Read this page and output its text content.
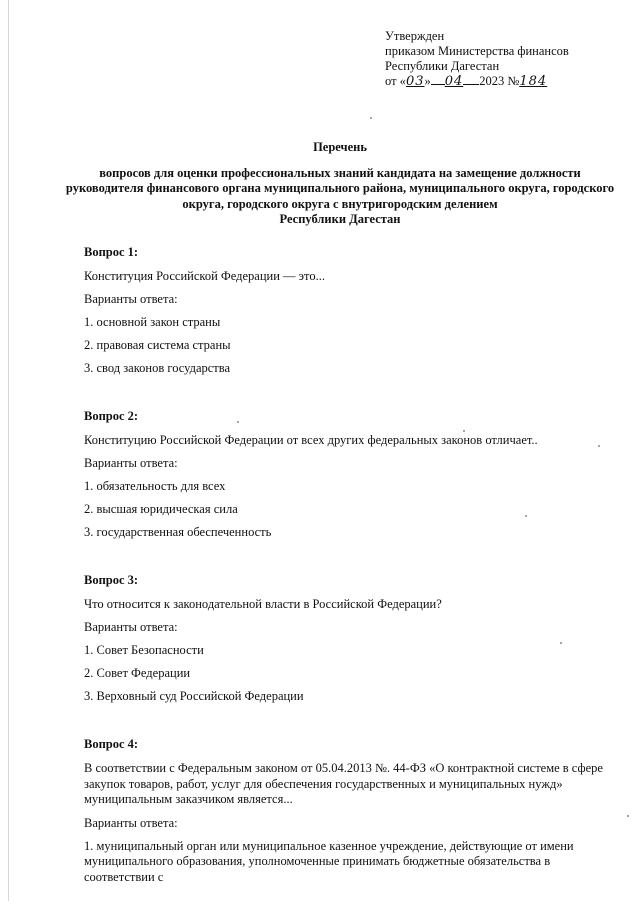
Утвержден
приказом Министерства финансов
Республики Дагестан
от «03» 04 2023 №184
Перечень
вопросов для оценки профессиональных знаний кандидата на замещение должности
руководителя финансового органа муниципального района, муниципального округа, городского
округа, городского округа с внутригородским делением
Республики Дагестан
Вопрос 1:
Конституция Российской Федерации — это...
Варианты ответа:
1. основной закон страны
2. правовая система страны
3. свод законов государства
Вопрос 2:
Конституцию Российской Федерации от всех других федеральных законов отличает..
Варианты ответа:
1. обязательность для всех
2. высшая юридическая сила
3. государственная обеспеченность
Вопрос 3:
Что относится к законодательной власти в Российской Федерации?
Варианты ответа:
1. Совет Безопасности
2. Совет Федерации
3. Верховный суд Российской Федерации
Вопрос 4:
В соответствии с Федеральным законом от 05.04.2013 №. 44-ФЗ «О контрактной системе в сфере
закупок товаров, работ, услуг для обеспечения государственных и муниципальных нужд»
муниципальным заказчиком является...
Варианты ответа:
1. муниципальный орган или муниципальное казенное учреждение, действующие от имени
муниципального образования, уполномоченные принимать бюджетные обязательства в соответствии с
